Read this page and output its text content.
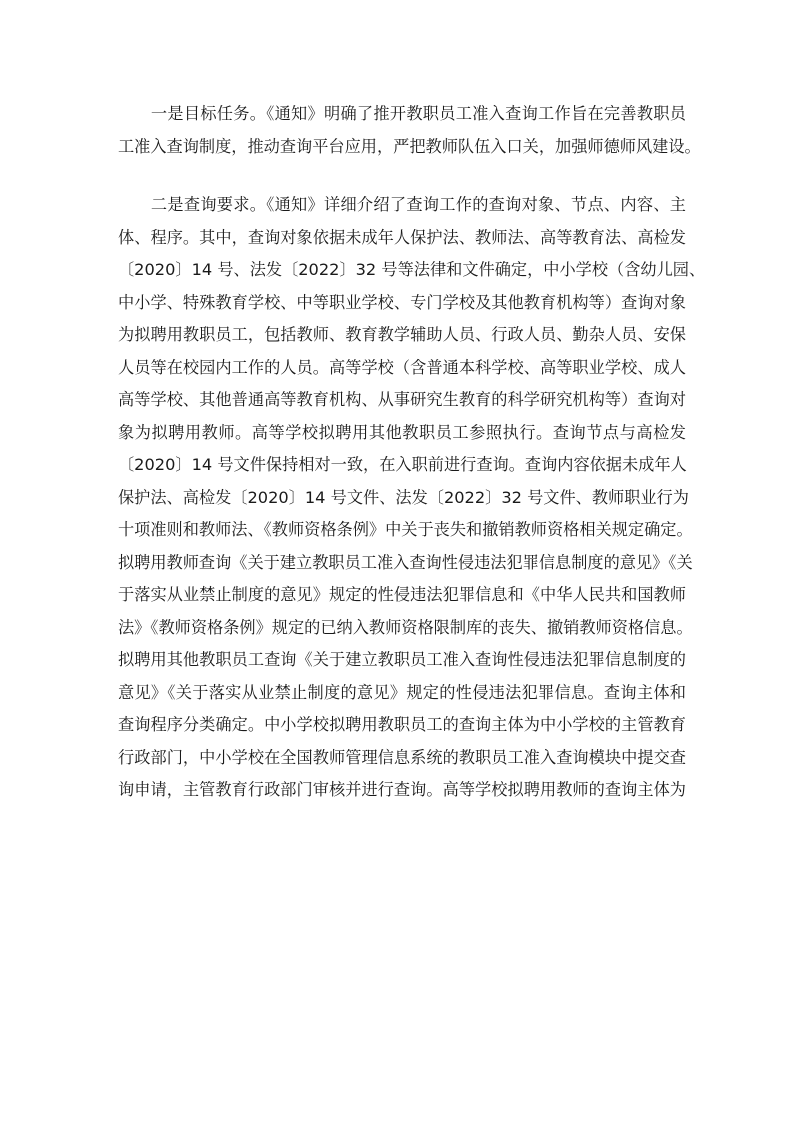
　　一是目标任务。《通知》明确了推开教职员工准入查询工作旨在完善教职员
工准入查询制度，推动查询平台应用，严把教师队伍入口关，加强师德师风建设。
　　二是查询要求。《通知》详细介绍了查询工作的查询对象、节点、内容、主
体、程序。其中，查询对象依据未成年人保护法、教师法、高等教育法、高检发
〔2020〕14 号、法发〔2022〕32 号等法律和文件确定，中小学校（含幼儿园、
中小学、特殊教育学校、中等职业学校、专门学校及其他教育机构等）查询对象
为拟聘用教职员工，包括教师、教育教学辅助人员、行政人员、勤杂人员、安保
人员等在校园内工作的人员。高等学校（含普通本科学校、高等职业学校、成人
高等学校、其他普通高等教育机构、从事研究生教育的科学研究机构等）查询对
象为拟聘用教师。高等学校拟聘用其他教职员工参照执行。查询节点与高检发
〔2020〕14 号文件保持相对一致，在入职前进行查询。查询内容依据未成年人
保护法、高检发〔2020〕14 号文件、法发〔2022〕32 号文件、教师职业行为
十项准则和教师法、《教师资格条例》中关于丧失和撤销教师资格相关规定确定。
拟聘用教师查询《关于建立教职员工准入查询性侵违法犯罪信息制度的意见》《关
于落实从业禁止制度的意见》规定的性侵违法犯罪信息和《中华人民共和国教师
法》《教师资格条例》规定的已纳入教师资格限制库的丧失、撤销教师资格信息。
拟聘用其他教职员工查询《关于建立教职员工准入查询性侵违法犯罪信息制度的
意见》《关于落实从业禁止制度的意见》规定的性侵违法犯罪信息。查询主体和
查询程序分类确定。中小学校拟聘用教职员工的查询主体为中小学校的主管教育
行政部门，中小学校在全国教师管理信息系统的教职员工准入查询模块中提交查
询申请，主管教育行政部门审核并进行查询。高等学校拟聘用教师的查询主体为
